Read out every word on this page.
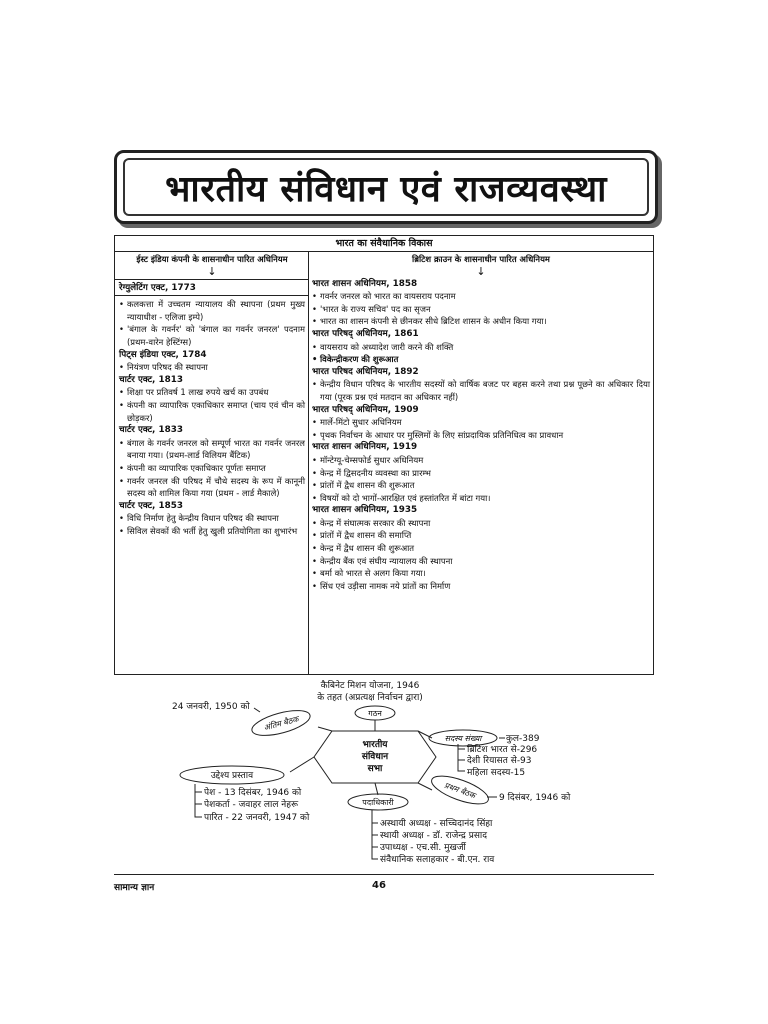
भारतीय संविधान एवं राजव्यवस्था
भारत का संवैधानिक विकास
ईस्ट इंडिया कंपनी के शासनाधीन पारित अधिनियम
↓
रेग्युलेटिंग एक्ट, 1773
• कलकत्ता में उच्चतम न्यायालय की स्थापना (प्रथम मुख्य न्यायाधीश - एलिजा इम्पे)
• 'बंगाल के गवर्नर' को 'बंगाल का गवर्नर जनरल' पदनाम (प्रथम-वारेन हेस्टिंग्स)
पिट्स इंडिया एक्ट, 1784
• नियंत्रण परिषद की स्थापना
चार्टर एक्ट, 1813
• शिक्षा पर प्रतिवर्ष 1 लाख रुपये खर्च का उपबंध
• कंपनी का व्यापारिक एकाधिकार समाप्त (चाय एवं चीन को छोड़कर)
चार्टर एक्ट, 1833
• बंगाल के गवर्नर जनरल को सम्पूर्ण भारत का गवर्नर जनरल बनाया गया। (प्रथम-लार्ड विलियम बैंटिक)
• कंपनी का व्यापारिक एकाधिकार पूर्णतः समाप्त
• गवर्नर जनरल की परिषद में चौथे सदस्य के रूप में कानूनी सदस्य को शामिल किया गया (प्रथम - लार्ड मैकाले)
चार्टर एक्ट, 1853
• विधि निर्माण हेतु केन्द्रीय विधान परिषद की स्थापना
• सिविल सेवकों की भर्ती हेतु खुली प्रतियोगिता का शुभारंभ
ब्रिटिश क्राउन के शासनाधीन पारित अधिनियम
↓
भारत शासन अधिनियम, 1858
• गवर्नर जनरल को भारत का वायसराय पदनाम
• 'भारत के राज्य सचिव' पद का सृजन
• भारत का शासन कंपनी से छीनकर सीधे ब्रिटिश शासन के अधीन किया गया।
भारत परिषद् अधिनियम, 1861
• वायसराय को अध्यादेश जारी करने की शक्ति
• विकेन्द्रीकरण की शुरूआत
भारत परिषद अधिनियम, 1892
• केन्द्रीय विधान परिषद के भारतीय सदस्यों को वार्षिक बजट पर बहस करने तथा प्रश्न पूछने का अधिकार दिया गया (पूरक प्रश्न एवं मतदान का अधिकार नहीं)
भारत परिषद् अधिनियम, 1909
• मार्ले-मिंटो सुधार अधिनियम
• पृथक निर्वाचन के आधार पर मुस्लिमों के लिए सांप्रदायिक प्रतिनिधित्व का प्रावधान
भारत शासन अधिनियम, 1919
• मॉन्टेग्यू-चेम्सफोर्ड सुधार अधिनियम
• केन्द्र में द्विसदनीय व्यवस्था का प्रारम्भ
• प्रांतों में द्वैध शासन की शुरूआत
• विषयों को दो भागों-आरक्षित एवं हस्तांतरित में बांटा गया।
भारत शासन अधिनियम, 1935
• केन्द्र में संघात्मक सरकार की स्थापना
• प्रांतों में द्वैध शासन की समाप्ति
• केन्द्र में द्वैध शासन की शुरूआत
• केन्द्रीय बैंक एवं संघीय न्यायालय की स्थापना
• बर्मा को भारत से अलग किया गया।
• सिंध एवं उड़ीसा नामक नये प्रांतों का निर्माण
भारतीय
संविधान
सभा
गठन
कैबिनेट मिशन योजना, 1946
के तहत (अप्रत्यक्ष निर्वाचन द्वारा)
अंतिम बैठक
24 जनवरी, 1950 को
सदस्य संख्या	कुल-389
ब्रिटिश भारत से-296
देशी रियासत से-93
महिला सदस्य-15
प्रथम बैठक 9 दिसंबर, 1946 को
उद्देश्य प्रस्ताव
पेश - 13 दिसंबर, 1946 को
पेशकर्ता - जवाहर लाल नेहरू
पारित - 22 जनवरी, 1947 को
पदाधिकारी
अस्थायी अध्यक्ष - सच्चिदानंद सिंहा
स्थायी अध्यक्ष - डॉ. राजेन्द्र प्रसाद
उपाध्यक्ष - एच.सी. मुखर्जी
संवैधानिक सलाहकार - बी.एन. राव
सामान्य ज्ञान	46
